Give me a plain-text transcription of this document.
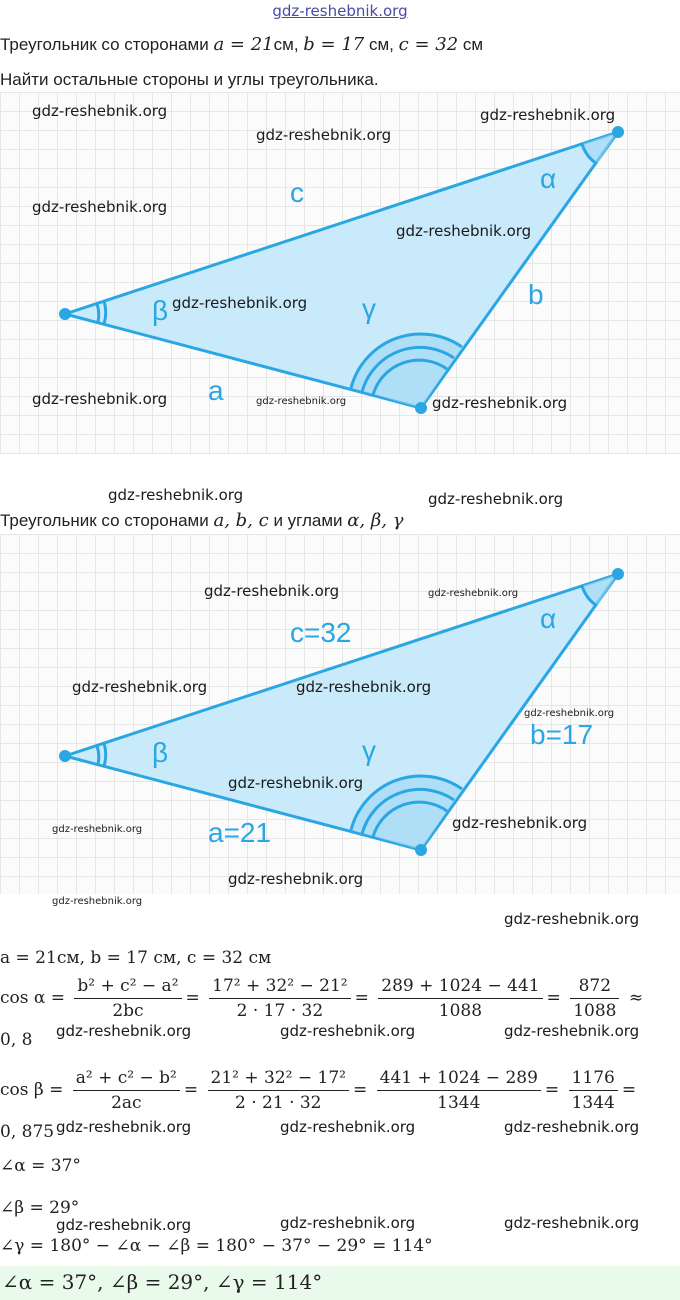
gdz-reshebnik.org
Треугольник со сторонами a = 21см, b = 17 см, c = 32 см
Найти остальные стороны и углы треугольника.
c
b
a
α
β	γ
Треугольник со сторонами a, b, c и углами α, β, γ
c=32
b=17
a=21
α
β	γ
a = 21см, b = 17 см, c = 32 см
$\cos \alpha = \frac{\text{b² + c² − a²}}{2bc} = \frac{\text{17² + 32² − 21²}}{2 \cdot 17 \cdot 32} = \frac{289 + 1024 - 441}{1088} = \frac{872}{1088}$ ≈
0, 8
$\cos \beta = \frac{\text{a² + c² − b²}}{2ac} = \frac{\text{21² + 32² − 17²}}{2 \cdot 21 \cdot 32} = \frac{441 + 1024 - 289}{1344} = \frac{1176}{1344}$ =
0, 875
∠α = 37°
∠β = 29°
∠γ = 180° − ∠α − ∠β = 180° − 37° − 29° = 114°
∠α = 37°, ∠β = 29°, ∠γ = 114°
gdz-reshebnik.org
gdz-reshebnik.org
gdz-reshebnik.org
gdz-reshebnik.org
gdz-reshebnik.org
gdz-reshebnik.org
gdz-reshebnik.org	gdz-reshebnik.org	gdz-reshebnik.org
gdz-reshebnik.org	gdz-reshebnik.org
gdz-reshebnik.org	gdz-reshebnik.org
gdz-reshebnik.org	gdz-reshebnik.org
gdz-reshebnik.org
gdz-reshebnik.org
gdz-reshebnik.org
gdz-reshebnik.org
gdz-reshebnik.org
gdz-reshebnik.org
gdz-reshebnik.org
gdz-reshebnik.org	gdz-reshebnik.org	gdz-reshebnik.org
gdz-reshebnik.org	gdz-reshebnik.org	gdz-reshebnik.org
gdz-reshebnik.org	gdz-reshebnik.org	gdz-reshebnik.org
